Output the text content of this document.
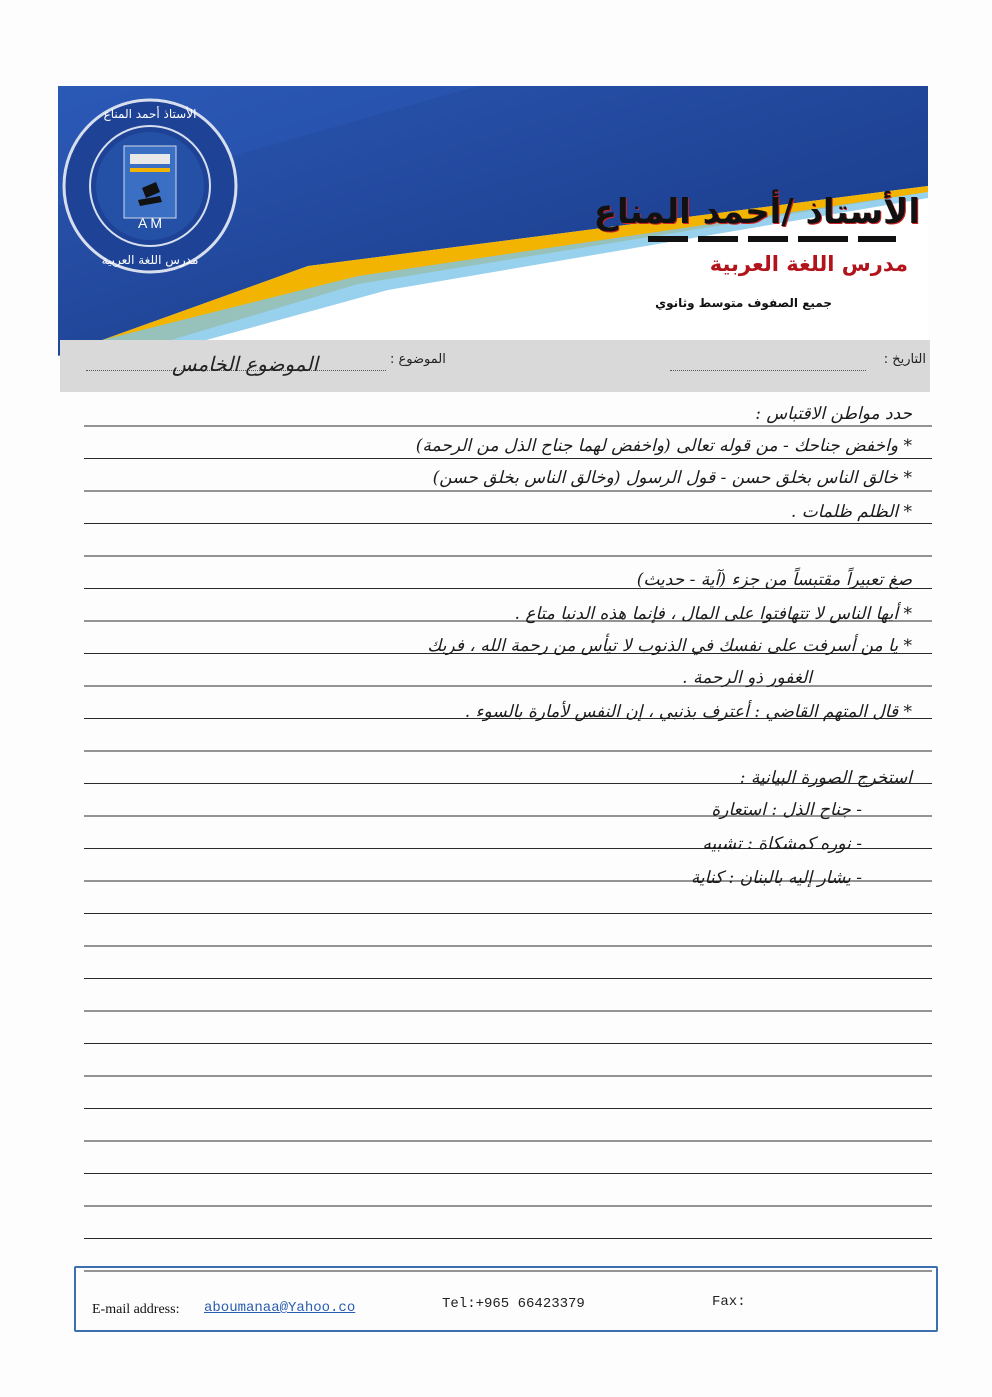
A M
الأستاذ أحمد المناع
مدرس اللغة العربية
الأستاذ /أحمد المناع
مدرس اللغة العربية
جميع الصفوف متوسط وثانوي
التاريخ :
الموضوع :
الموضوع الخامس
حدد مواطن الاقتباس :
* واخفض جناحك - من قوله تعالى (واخفض لهما جناح الذل من الرحمة)
* خالق الناس بخلق حسن - قول الرسول (وخالق الناس بخلق حسن)
* الظلم ظلمات .
صغ تعبيراً مقتبساً من جزء (آية - حديث)
* أيها الناس لا تتهافتوا على المال ، فإنما هذه الدنيا متاع .
* يا من أسرفت على نفسك في الذنوب لا تيأس من رحمة الله ، فربك
الغفور ذو الرحمة .
* قال المتهم القاضي : أعترف بذنبي ، إن النفس لأمارة بالسوء .
استخرج الصورة البيانية :
- جناح الذل : استعارة
- نوره كمشكاة : تشبيه
- يشار إليه بالبنان : كناية
E-mail address: aboumanaa@Yahoo.co	Tel:+965 66423379	Fax:
